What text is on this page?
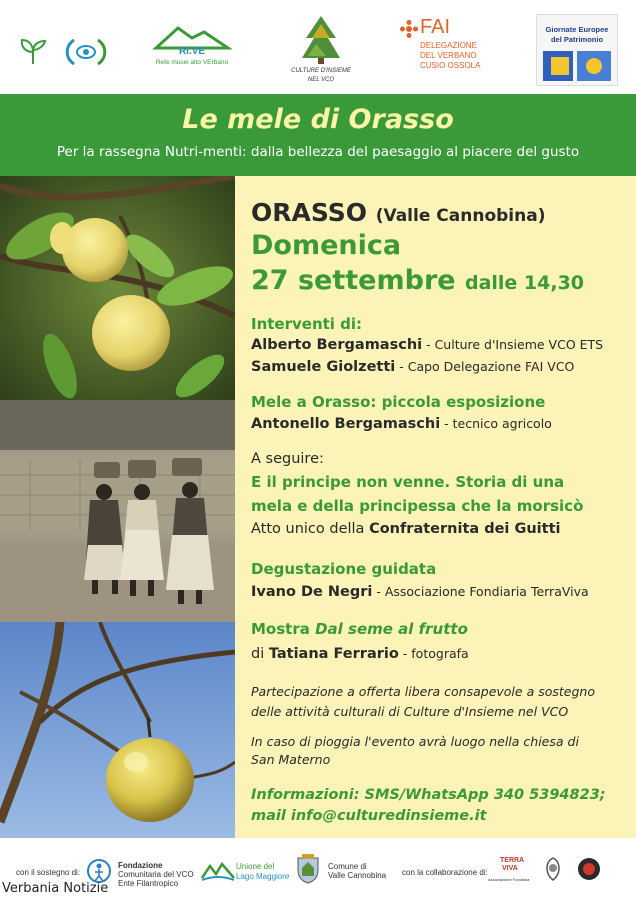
RI.VE
Rete musei alto VErbano
CULTURE D'INSIEME
NEL VCO
FAI
DELEGAZIONE
DEL VERBANO
CUSIO OSSOLA
Giornate Europee
del Patrimonio
Le mele di Orasso
Per la rassegna Nutri-menti: dalla bellezza del paesaggio al piacere del gusto
ORASSO (Valle Cannobina)
Domenica
27 settembre dalle 14,30
Interventi di:
Alberto Bergamaschi - Culture d'Insieme VCO ETS
Samuele Giolzetti - Capo Delegazione FAI VCO
Mele a Orasso: piccola esposizione
Antonello Bergamaschi - tecnico agricolo
A seguire:
E il principe non venne. Storia di una
mela e della principessa che la morsicò
Atto unico della Confraternita dei Guitti
Degustazione guidata
Ivano De Negri - Associazione Fondiaria TerraViva
Mostra Dal seme al frutto
di Tatiana Ferrario - fotografa
Partecipazione a offerta libera consapevole a sostegno
delle attività culturali di Culture d'Insieme nel VCO
In caso di pioggia l'evento avrà luogo nella chiesa di
San Materno
Informazioni: SMS/WhatsApp 340 5394823;
mail info@culturedinsieme.it
con il sostegno di:
Fondazione
Comunitaria del VCO
Ente Filantropico
Unione del
Lago Maggiore
Comune di
Valle Cannobina con la collaborazione di:
TERRA
VIVA
Associazione Fondiaria
Verbania Notizie
